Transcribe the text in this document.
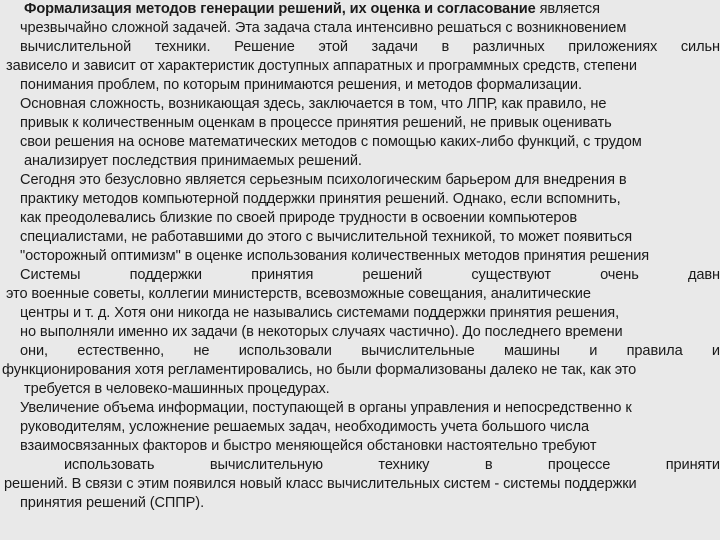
Формализация методов генерации решений, их оценка и согласование является
чрезвычайно сложной задачей. Эта задача стала интенсивно решаться с возникновением
вычислительной техники. Решение этой задачи в различных приложениях сильн
зависело и зависит от характеристик доступных аппаратных и программных средств, степени
понимания проблем, по которым принимаются решения, и методов формализации.
Основная сложность, возникающая здесь, заключается в том, что ЛПР, как правило, не
привык к количественным оценкам в процессе принятия решений, не привык оценивать
свои решения на основе математических методов с помощью каких-либо функций, с трудом
анализирует последствия принимаемых решений.
Сегодня это безусловно является серьезным психологическим барьером для внедрения в
практику методов компьютерной поддержки принятия решений. Однако, если вспомнить,
как преодолевались близкие по своей природе трудности в освоении компьютеров
специалистами, не работавшими до этого с вычислительной техникой, то может появиться
"осторожный оптимизм" в оценке использования количественных методов принятия решения
Системы	поддержки	принятия	решений	существуют	очень	давн
это военные советы, коллегии министерств, всевозможные совещания, аналитические
центры и т. д. Хотя они никогда не назывались системами поддержки принятия решения,
но выполняли именно их задачи (в некоторых случаях частично). До последнего времени
они, естественно, не использовали вычислительные машины и правила и
функционирования хотя регламентировались, но были формализованы далеко не так, как это
требуется в человеко-машинных процедурах.
Увеличение объема информации, поступающей в органы управления и непосредственно к
руководителям, усложнение решаемых задач, необходимость учета большого числа
взаимосвязанных факторов и быстро меняющейся обстановки настоятельно требуют
использовать	вычислительную	технику	в	процессе	приняти
решений. В связи с этим появился новый класс вычислительных систем - системы поддержки
принятия решений (СППР).
